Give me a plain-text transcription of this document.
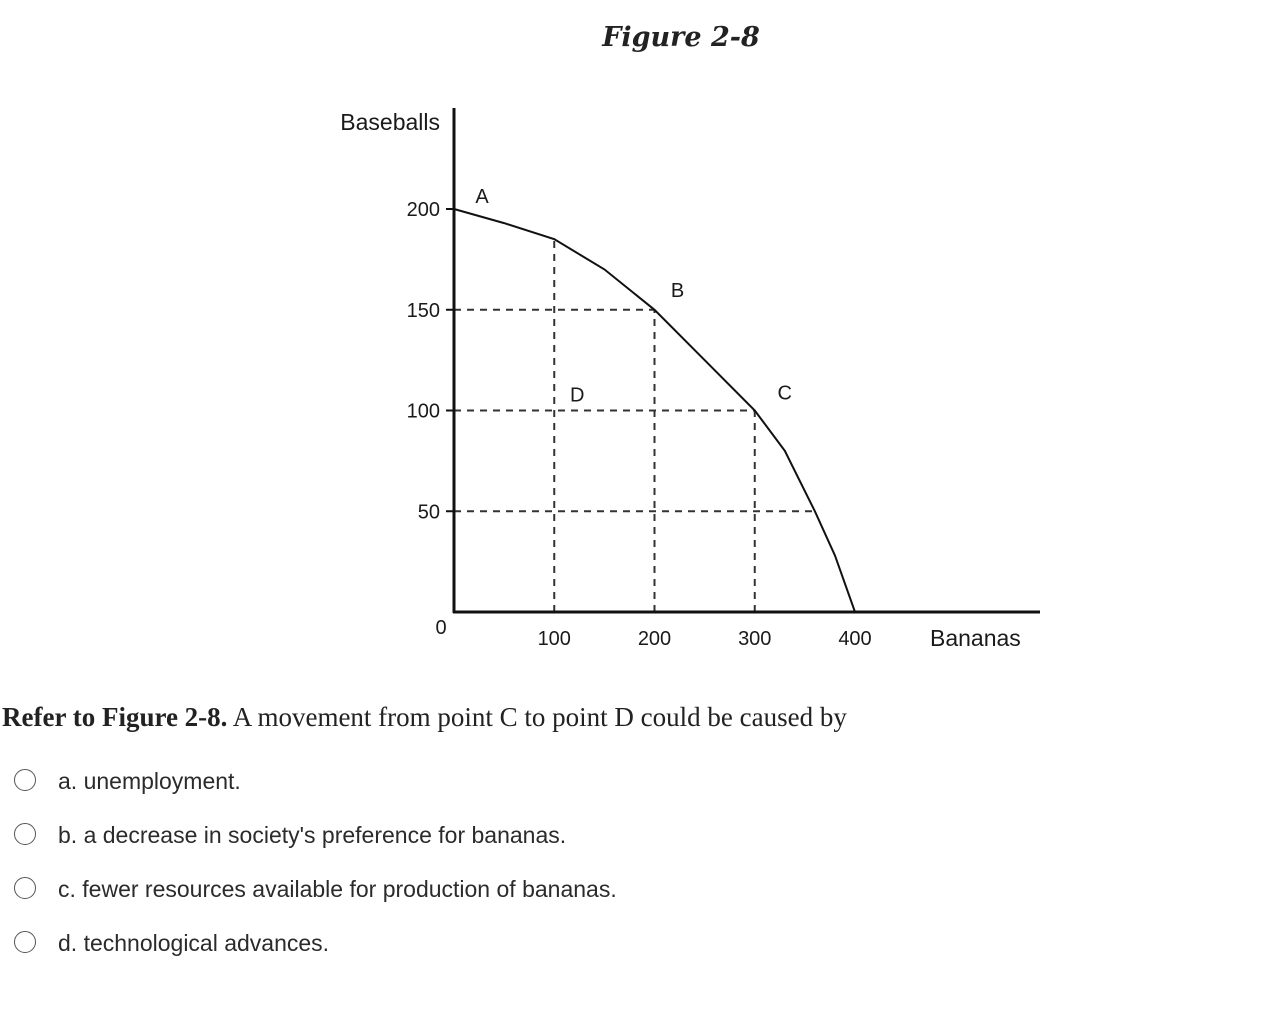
Figure 2-8
50
100
150
200
100	200	300	400
0
Baseballs
Bananas
A
B
C
D
Refer to Figure 2-8. A movement from point C to point D could be caused by
a. unemployment.
b. a decrease in society's preference for bananas.
c. fewer resources available for production of bananas.
d. technological advances.
